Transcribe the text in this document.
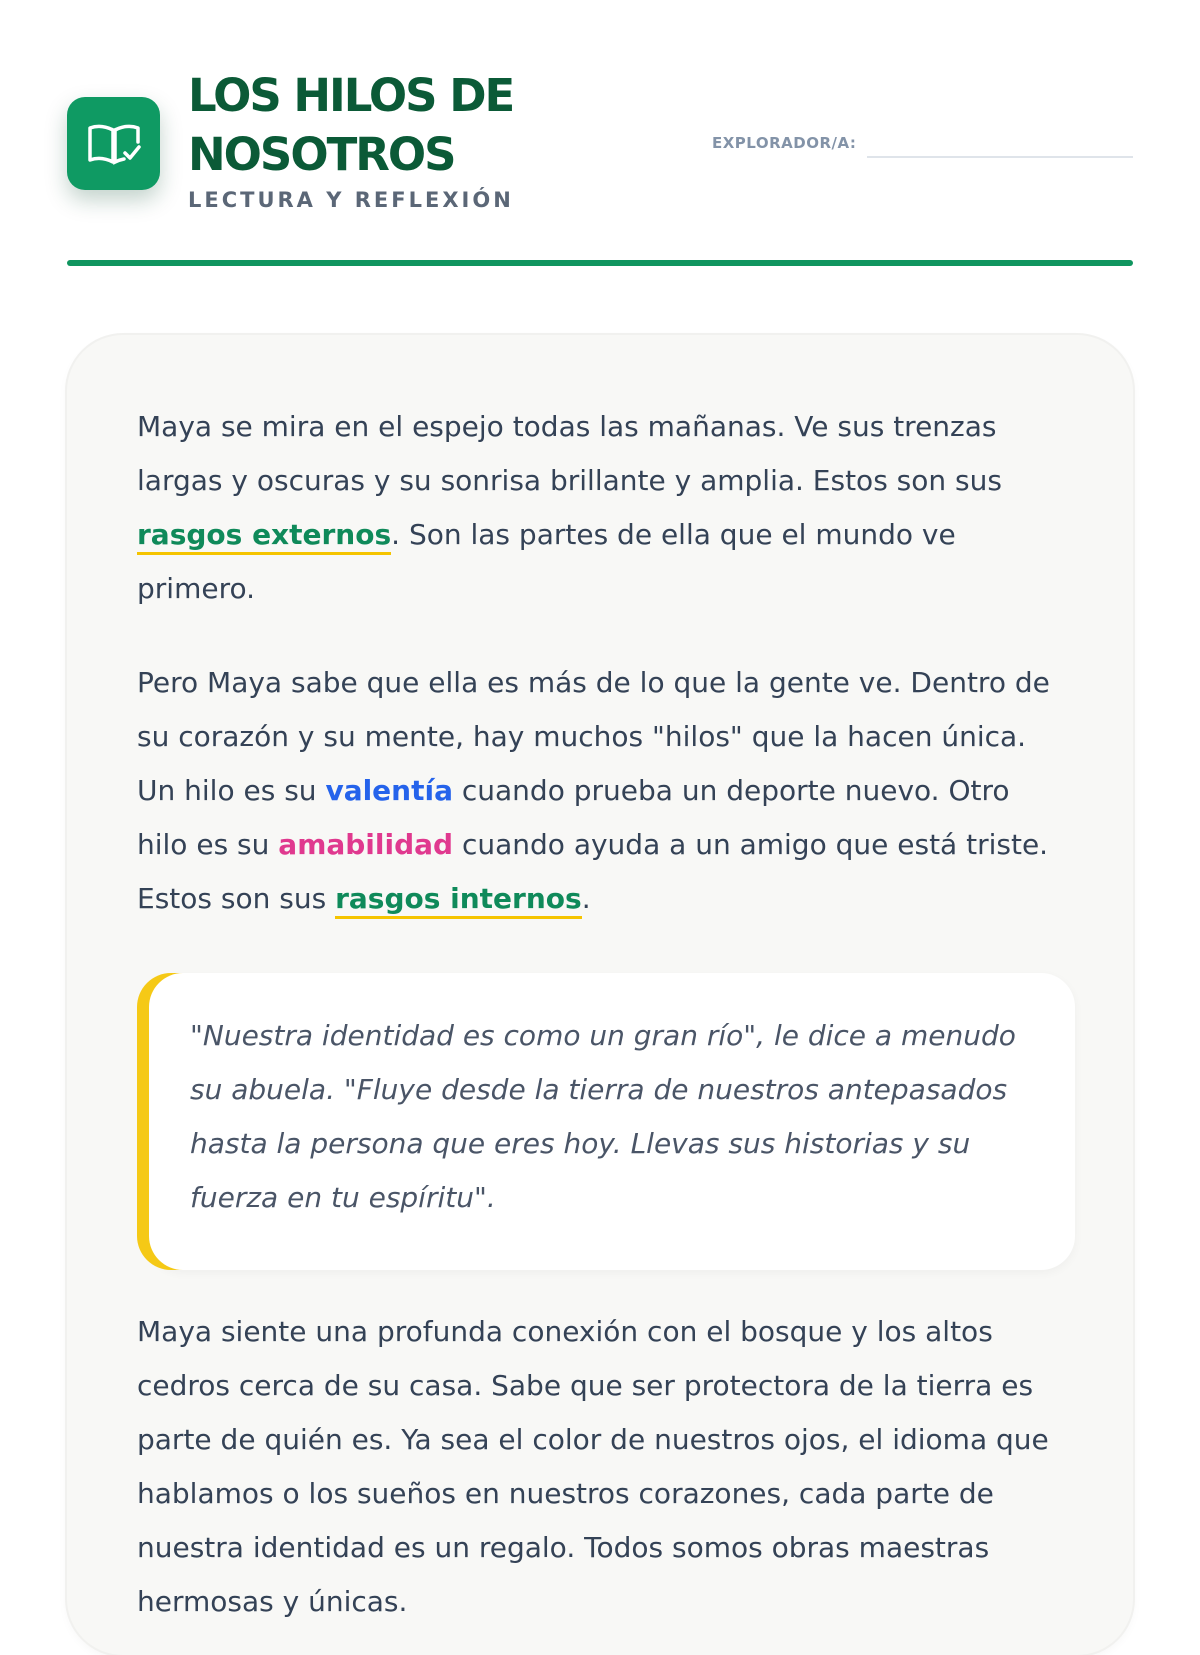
LOS HILOS DE
NOSOTROS
LECTURA Y REFLEXIÓN
EXPLORADOR/A:

Maya se mira en el espejo todas las mañanas. Ve sus trenzas largas y oscuras y su sonrisa brillante y amplia. Estos son sus rasgos externos. Son las partes de ella que el mundo ve primero.

Pero Maya sabe que ella es más de lo que la gente ve. Dentro de su corazón y su mente, hay muchos "hilos" que la hacen única. Un hilo es su valentía cuando prueba un deporte nuevo. Otro hilo es su amabilidad cuando ayuda a un amigo que está triste. Estos son sus rasgos internos.

"Nuestra identidad es como un gran río", le dice a menudo su abuela. "Fluye desde la tierra de nuestros antepasados hasta la persona que eres hoy. Llevas sus historias y su fuerza en tu espíritu".

Maya siente una profunda conexión con el bosque y los altos cedros cerca de su casa. Sabe que ser protectora de la tierra es parte de quién es. Ya sea el color de nuestros ojos, el idioma que hablamos o los sueños en nuestros corazones, cada parte de nuestra identidad es un regalo. Todos somos obras maestras hermosas y únicas.
